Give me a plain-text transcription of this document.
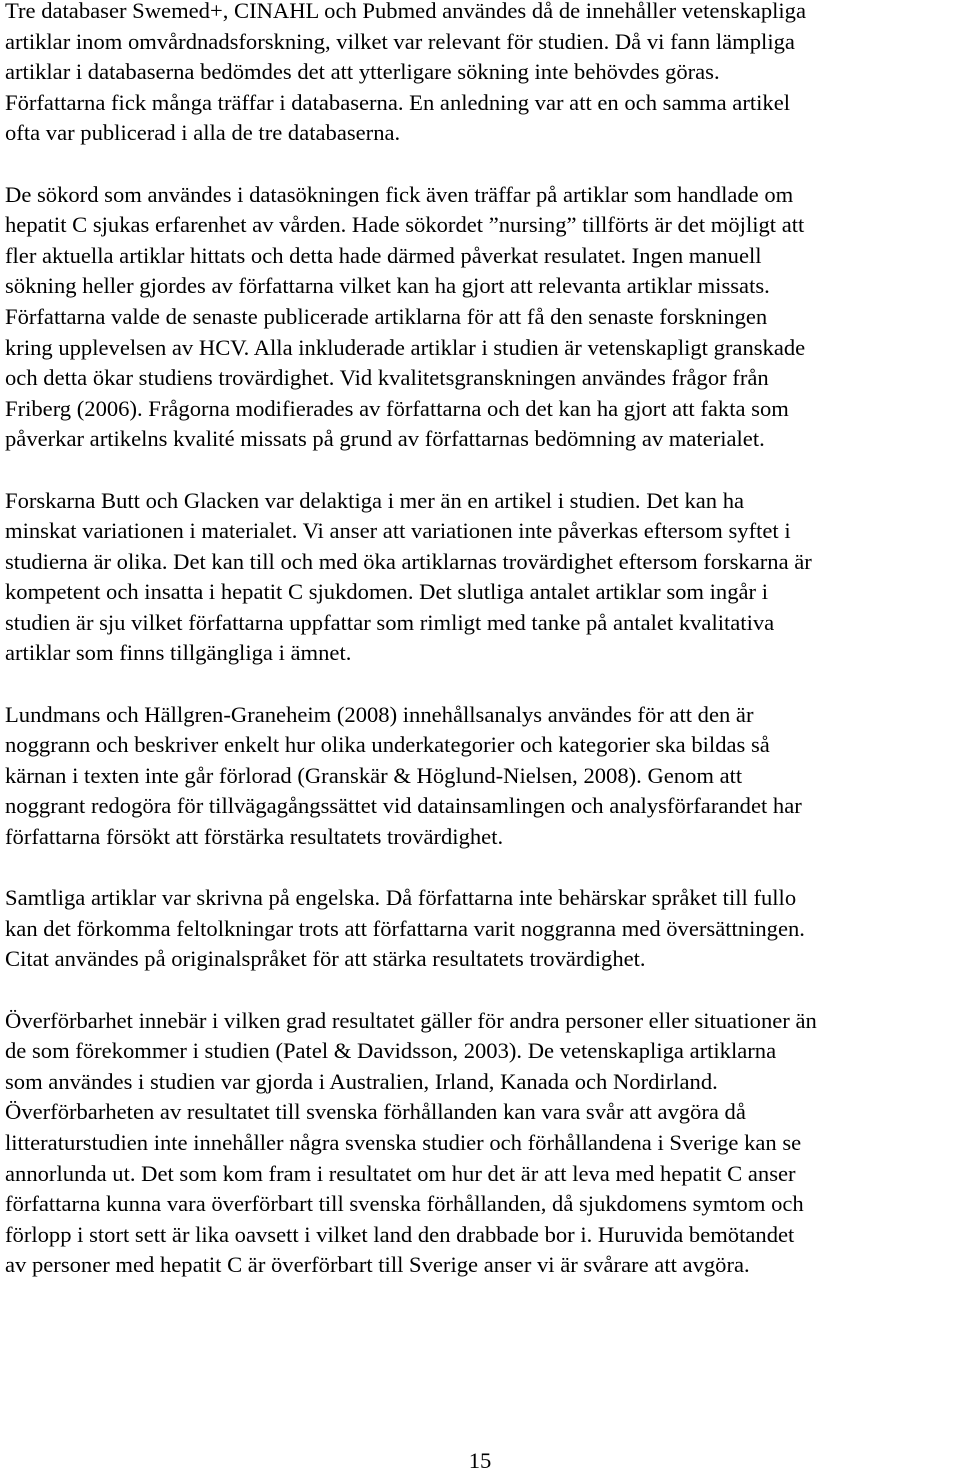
Tre databaser Swemed+, CINAHL och Pubmed användes då de innehåller vetenskapliga
artiklar inom omvårdnadsforskning, vilket var relevant för studien. Då vi fann lämpliga
artiklar i databaserna bedömdes det att ytterligare sökning inte behövdes göras.
Författarna fick många träffar i databaserna. En anledning var att en och samma artikel
ofta var publicerad i alla de tre databaserna.
De sökord som användes i datasökningen fick även träffar på artiklar som handlade om
hepatit C sjukas erfarenhet av vården. Hade sökordet ”nursing” tillförts är det möjligt att
fler aktuella artiklar hittats och detta hade därmed påverkat resulatet. Ingen manuell
sökning heller gjordes av författarna vilket kan ha gjort att relevanta artiklar missats.
Författarna valde de senaste publicerade artiklarna för att få den senaste forskningen
kring upplevelsen av HCV. Alla inkluderade artiklar i studien är vetenskapligt granskade
och detta ökar studiens trovärdighet. Vid kvalitetsgranskningen användes frågor från
Friberg (2006). Frågorna modifierades av författarna och det kan ha gjort att fakta som
påverkar artikelns kvalité missats på grund av författarnas bedömning av materialet.
Forskarna Butt och Glacken var delaktiga i mer än en artikel i studien. Det kan ha
minskat variationen i materialet. Vi anser att variationen inte påverkas eftersom syftet i
studierna är olika. Det kan till och med öka artiklarnas trovärdighet eftersom forskarna är
kompetent och insatta i hepatit C sjukdomen. Det slutliga antalet artiklar som ingår i
studien är sju vilket författarna uppfattar som rimligt med tanke på antalet kvalitativa
artiklar som finns tillgängliga i ämnet.
Lundmans och Hällgren-Graneheim (2008) innehållsanalys användes för att den är
noggrann och beskriver enkelt hur olika underkategorier och kategorier ska bildas så
kärnan i texten inte går förlorad (Granskär & Höglund-Nielsen, 2008). Genom att
noggrant redogöra för tillvägagångssättet vid datainsamlingen och analysförfarandet har
författarna försökt att förstärka resultatets trovärdighet.
Samtliga artiklar var skrivna på engelska. Då författarna inte behärskar språket till fullo
kan det förkomma feltolkningar trots att författarna varit noggranna med översättningen.
Citat användes på originalspråket för att stärka resultatets trovärdighet.
Överförbarhet innebär i vilken grad resultatet gäller för andra personer eller situationer än
de som förekommer i studien (Patel & Davidsson, 2003). De vetenskapliga artiklarna
som användes i studien var gjorda i Australien, Irland, Kanada och Nordirland.
Överförbarheten av resultatet till svenska förhållanden kan vara svår att avgöra då
litteraturstudien inte innehåller några svenska studier och förhållandena i Sverige kan se
annorlunda ut. Det som kom fram i resultatet om hur det är att leva med hepatit C anser
författarna kunna vara överförbart till svenska förhållanden, då sjukdomens symtom och
förlopp i stort sett är lika oavsett i vilket land den drabbade bor i. Huruvida bemötandet
av personer med hepatit C är överförbart till Sverige anser vi är svårare att avgöra.
15
